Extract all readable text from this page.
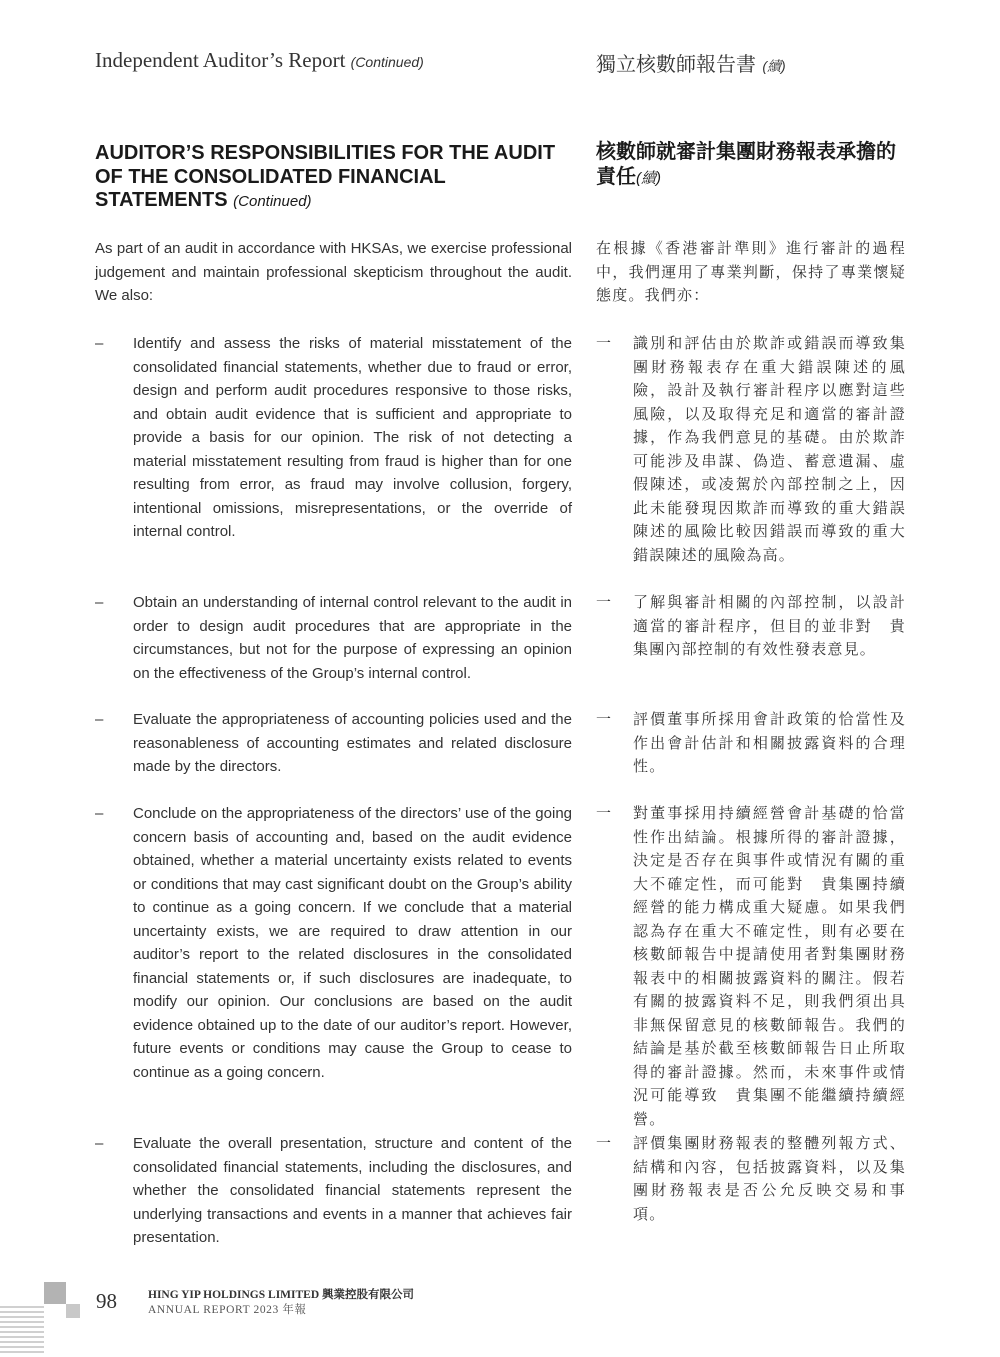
Independent Auditor’s Report (Continued)	獨立核數師報告書 (續)
AUDITOR’S RESPONSIBILITIES FOR THE AUDIT OF THE CONSOLIDATED FINANCIAL STATEMENTS (Continued)
核數師就審計集團財務報表承擔的責任(續)
As part of an audit in accordance with HKSAs, we exercise professional judgement and maintain professional skepticism throughout the audit. We also:
在根據《香港審計準則》進行審計的過程中，我們運用了專業判斷，保持了專業懷疑態度。我們亦：
– Identify and assess the risks of material misstatement of the consolidated financial statements, whether due to fraud or error, design and perform audit procedures responsive to those risks, and obtain audit evidence that is sufficient and appropriate to provide a basis for our opinion. The risk of not detecting a material misstatement resulting from fraud is higher than for one resulting from error, as fraud may involve collusion, forgery, intentional omissions, misrepresentations, or the override of internal control.
一 識別和評估由於欺詐或錯誤而導致集團財務報表存在重大錯誤陳述的風險，設計及執行審計程序以應對這些風險，以及取得充足和適當的審計證據，作為我們意見的基礎。由於欺詐可能涉及串謀、偽造、蓄意遺漏、虛假陳述，或凌駕於內部控制之上，因此未能發現因欺詐而導致的重大錯誤陳述的風險比較因錯誤而導致的重大錯誤陳述的風險為高。
– Obtain an understanding of internal control relevant to the audit in order to design audit procedures that are appropriate in the circumstances, but not for the purpose of expressing an opinion on the effectiveness of the Group’s internal control.
一 了解與審計相關的內部控制，以設計適當的審計程序，但目的並非對　貴集團內部控制的有效性發表意見。
– Evaluate the appropriateness of accounting policies used and the reasonableness of accounting estimates and related disclosure made by the directors.
一 評價董事所採用會計政策的恰當性及作出會計估計和相關披露資料的合理性。
– Conclude on the appropriateness of the directors’ use of the going concern basis of accounting and, based on the audit evidence obtained, whether a material uncertainty exists related to events or conditions that may cast significant doubt on the Group’s ability to continue as a going concern. If we conclude that a material uncertainty exists, we are required to draw attention in our auditor’s report to the related disclosures in the consolidated financial statements or, if such disclosures are inadequate, to modify our opinion. Our conclusions are based on the audit evidence obtained up to the date of our auditor’s report. However, future events or conditions may cause the Group to cease to continue as a going concern.
一 對董事採用持續經營會計基礎的恰當性作出結論。根據所得的審計證據，決定是否存在與事件或情況有關的重大不確定性，而可能對　貴集團持續經營的能力構成重大疑慮。如果我們認為存在重大不確定性，則有必要在核數師報告中提請使用者對集團財務報表中的相關披露資料的關注。假若有關的披露資料不足，則我們須出具非無保留意見的核數師報告。我們的結論是基於截至核數師報告日止所取得的審計證據。然而，未來事件或情況可能導致　貴集團不能繼續持續經營。
– Evaluate the overall presentation, structure and content of the consolidated financial statements, including the disclosures, and whether the consolidated financial statements represent the underlying transactions and events in a manner that achieves fair presentation.
一 評價集團財務報表的整體列報方式、結構和內容，包括披露資料，以及集團財務報表是否公允反映交易和事項。
98	HING YIP HOLDINGS LIMITED 興業控股有限公司
ANNUAL REPORT 2023 年報
